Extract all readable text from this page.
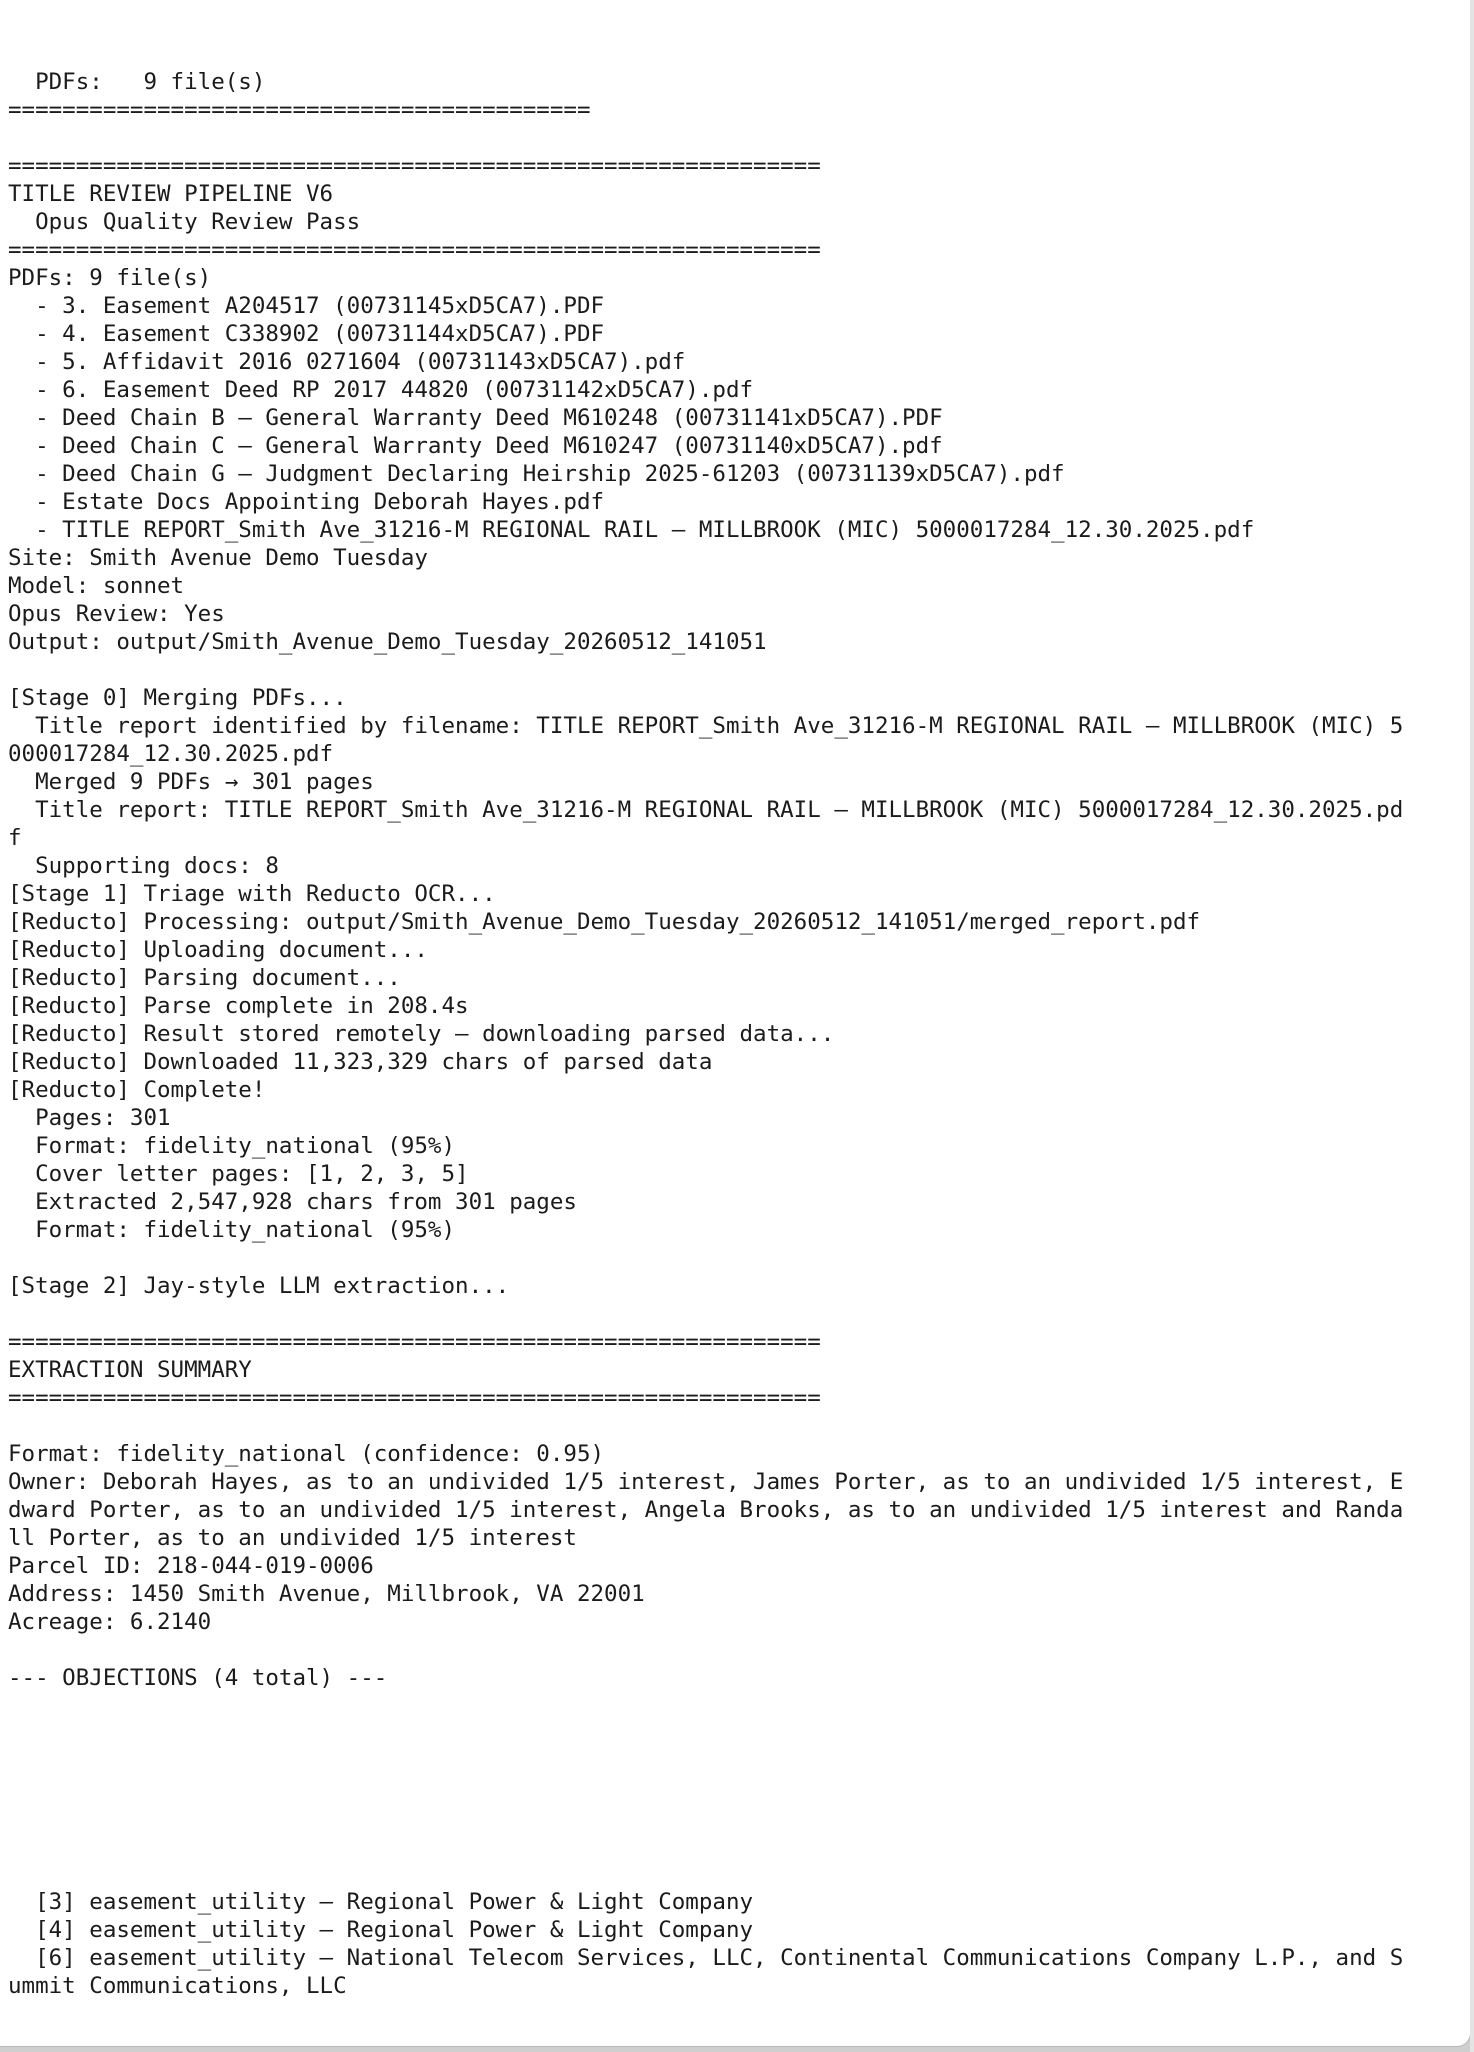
PDFs:   9 file(s)
===========================================
============================================================
TITLE REVIEW PIPELINE V6
Opus Quality Review Pass
============================================================
PDFs: 9 file(s)
- 3. Easement A204517 (00731145xD5CA7).PDF
- 4. Easement C338902 (00731144xD5CA7).PDF
- 5. Affidavit 2016 0271604 (00731143xD5CA7).pdf
- 6. Easement Deed RP 2017 44820 (00731142xD5CA7).pdf
- Deed Chain B – General Warranty Deed M610248 (00731141xD5CA7).PDF
- Deed Chain C – General Warranty Deed M610247 (00731140xD5CA7).pdf
- Deed Chain G – Judgment Declaring Heirship 2025-61203 (00731139xD5CA7).pdf
- Estate Docs Appointing Deborah Hayes.pdf
- TITLE REPORT_Smith Ave_31216-M REGIONAL RAIL – MILLBROOK (MIC) 5000017284_12.30.2025.pdf
Site: Smith Avenue Demo Tuesday
Model: sonnet
Opus Review: Yes
Output: output/Smith_Avenue_Demo_Tuesday_20260512_141051
[Stage 0] Merging PDFs...
Title report identified by filename: TITLE REPORT_Smith Ave_31216-M REGIONAL RAIL – MILLBROOK (MIC) 5
000017284_12.30.2025.pdf
Merged 9 PDFs → 301 pages
Title report: TITLE REPORT_Smith Ave_31216-M REGIONAL RAIL – MILLBROOK (MIC) 5000017284_12.30.2025.pd
f
Supporting docs: 8
[Stage 1] Triage with Reducto OCR...
[Reducto] Processing: output/Smith_Avenue_Demo_Tuesday_20260512_141051/merged_report.pdf
[Reducto] Uploading document...
[Reducto] Parsing document...
[Reducto] Parse complete in 208.4s
[Reducto] Result stored remotely – downloading parsed data...
[Reducto] Downloaded 11,323,329 chars of parsed data
[Reducto] Complete!
Pages: 301
Format: fidelity_national (95%)
Cover letter pages: [1, 2, 3, 5]
Extracted 2,547,928 chars from 301 pages
Format: fidelity_national (95%)
[Stage 2] Jay-style LLM extraction...
============================================================
EXTRACTION SUMMARY
============================================================
Format: fidelity_national (confidence: 0.95)
Owner: Deborah Hayes, as to an undivided 1/5 interest, James Porter, as to an undivided 1/5 interest, E
dward Porter, as to an undivided 1/5 interest, Angela Brooks, as to an undivided 1/5 interest and Randa
ll Porter, as to an undivided 1/5 interest
Parcel ID: 218-044-019-0006
Address: 1450 Smith Avenue, Millbrook, VA 22001
Acreage: 6.2140
--- OBJECTIONS (4 total) ---

[3] easement_utility – Regional Power & Light Company
[4] easement_utility – Regional Power & Light Company
[6] easement_utility – National Telecom Services, LLC, Continental Communications Company L.P., and S
ummit Communications, LLC
